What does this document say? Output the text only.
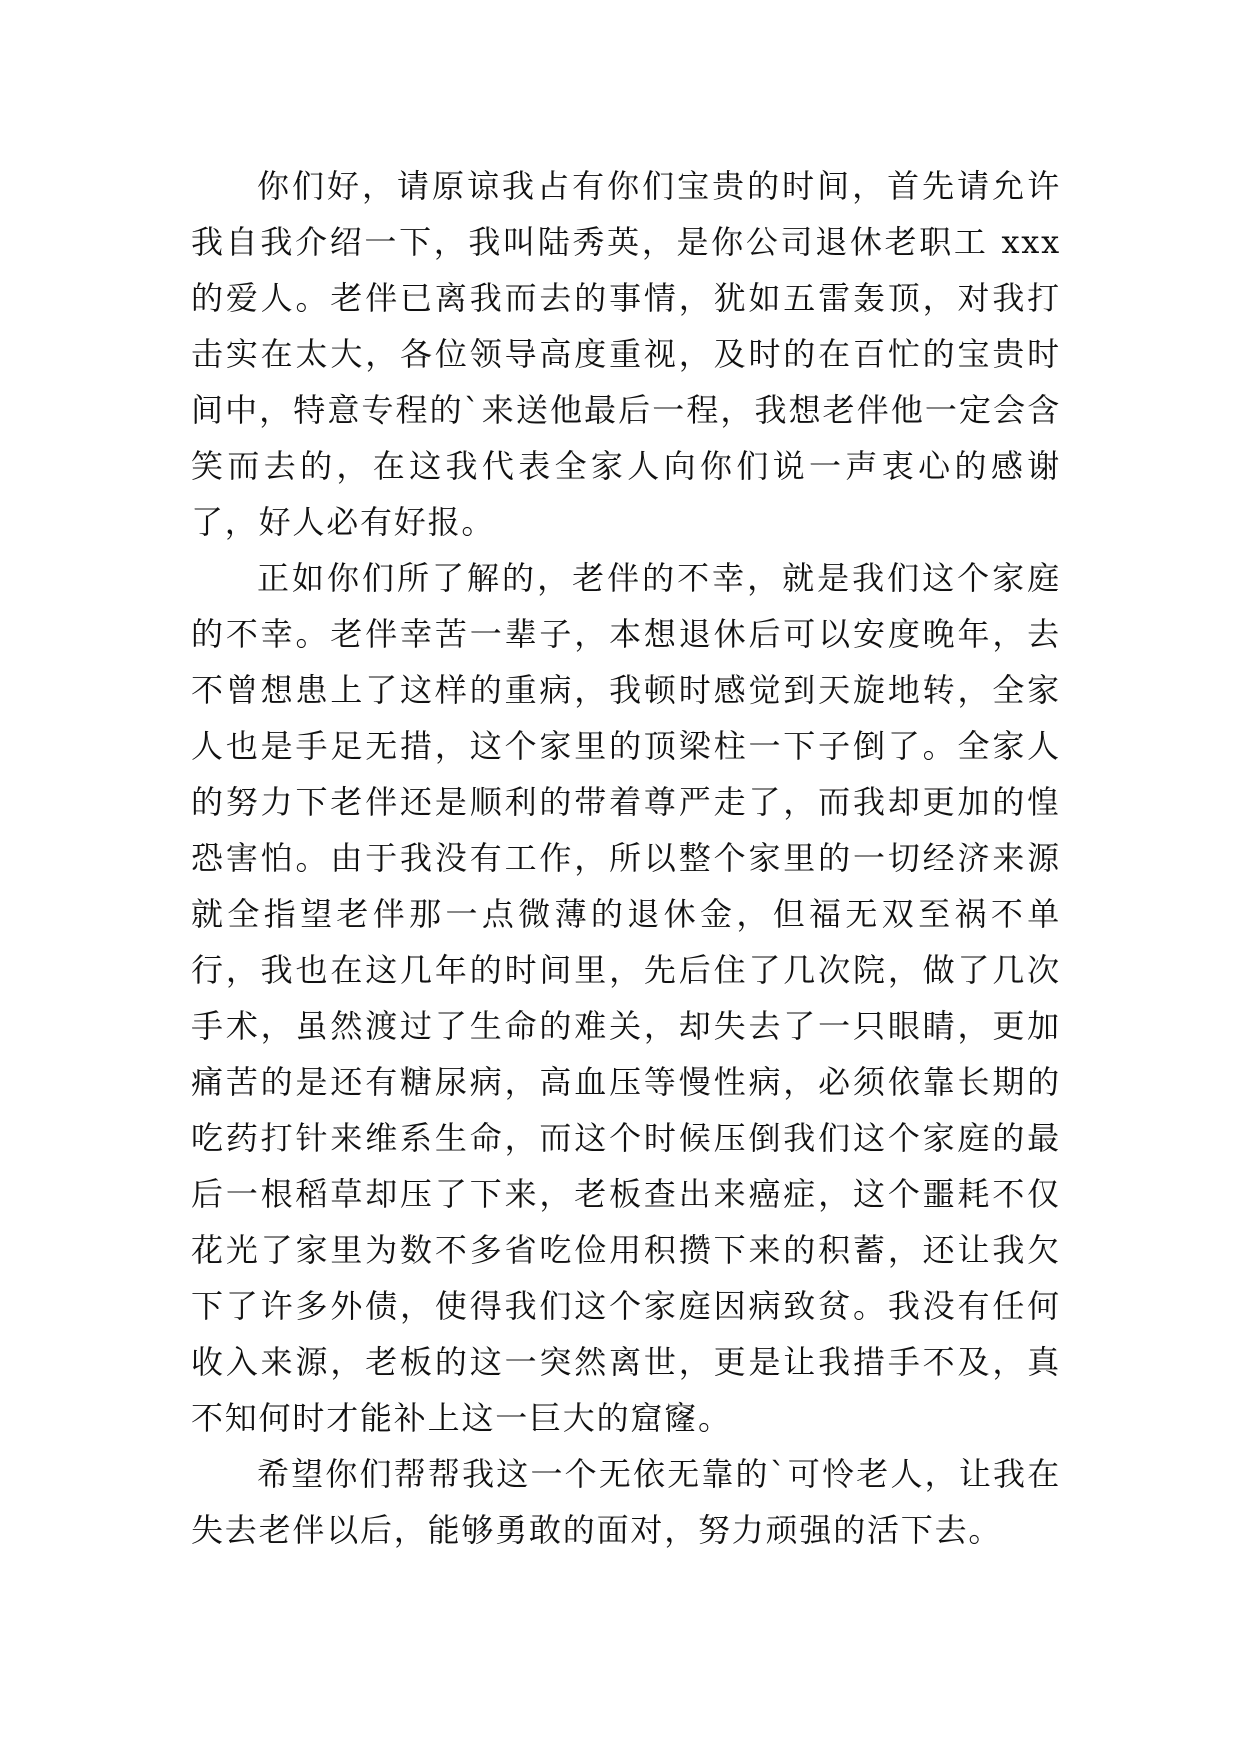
你们好，请原谅我占有你们宝贵的时间，首先请允许我自我介绍一下，我叫陆秀英，是你公司退休老职工 xxx 的爱人。老伴已离我而去的事情，犹如五雷轰顶，对我打击实在太大，各位领导高度重视，及时的在百忙的宝贵时间中，特意专程的`来送他最后一程，我想老伴他一定会含笑而去的，在这我代表全家人向你们说一声衷心的感谢了，好人必有好报。

正如你们所了解的，老伴的不幸，就是我们这个家庭的不幸。老伴幸苦一辈子，本想退休后可以安度晚年，去不曾想患上了这样的重病，我顿时感觉到天旋地转，全家人也是手足无措，这个家里的顶梁柱一下子倒了。全家人的努力下老伴还是顺利的带着尊严走了，而我却更加的惶恐害怕。由于我没有工作，所以整个家里的一切经济来源就全指望老伴那一点微薄的退休金，但福无双至祸不单行，我也在这几年的时间里，先后住了几次院，做了几次手术，虽然渡过了生命的难关，却失去了一只眼睛，更加痛苦的是还有糖尿病，高血压等慢性病，必须依靠长期的吃药打针来维系生命，而这个时候压倒我们这个家庭的最后一根稻草却压了下来，老板查出来癌症，这个噩耗不仅花光了家里为数不多省吃俭用积攒下来的积蓄，还让我欠下了许多外债，使得我们这个家庭因病致贫。我没有任何收入来源，老板的这一突然离世，更是让我措手不及，真不知何时才能补上这一巨大的窟窿。

希望你们帮帮我这一个无依无靠的`可怜老人，让我在失去老伴以后，能够勇敢的面对，努力顽强的活下去。
